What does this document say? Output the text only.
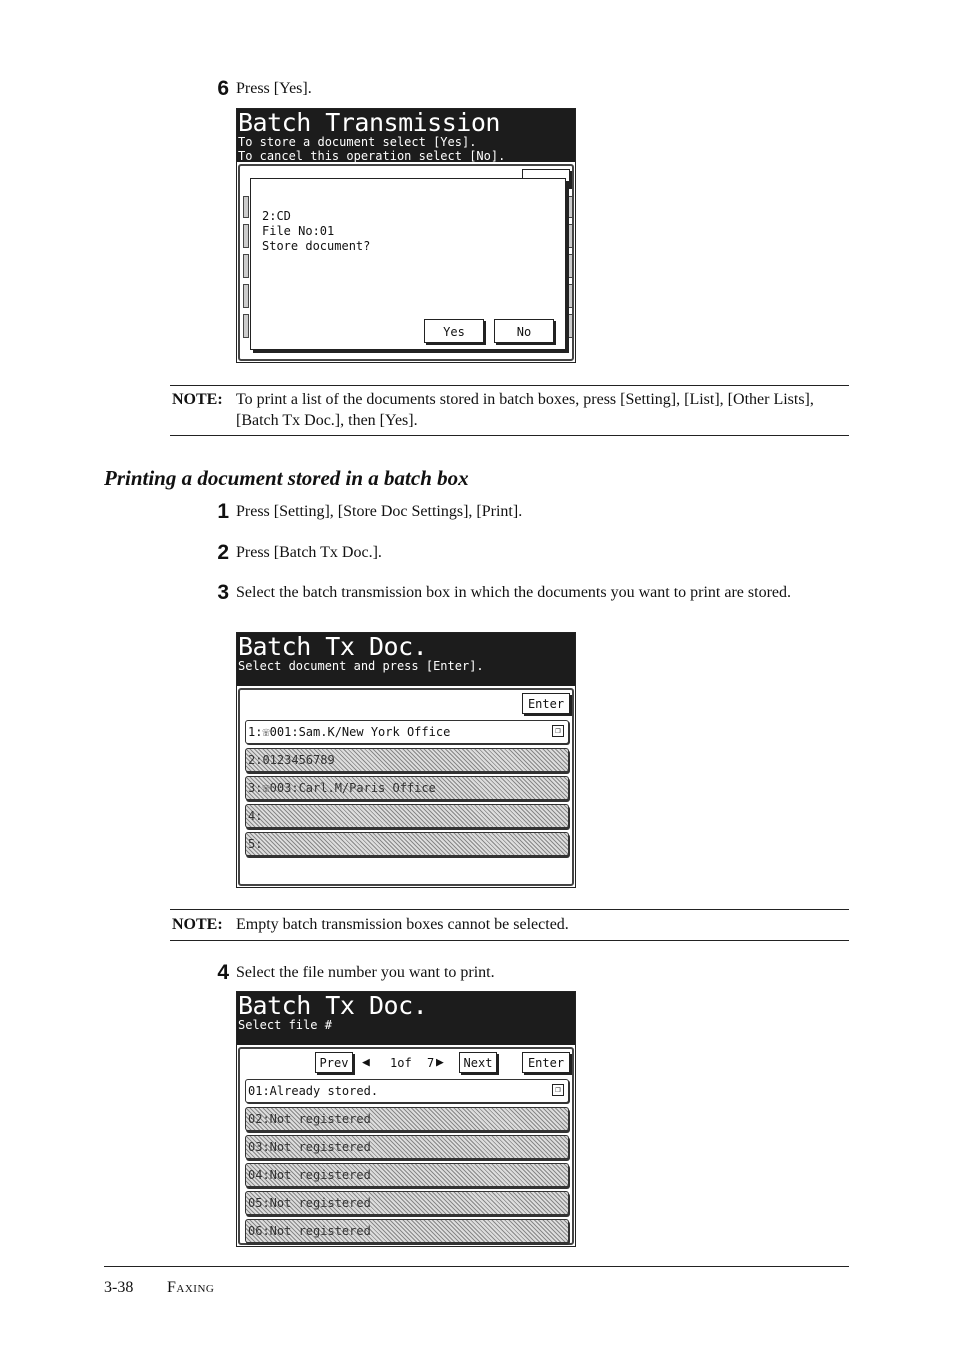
6 Press [Yes].
Batch Transmission
To store a document select [Yes].
To cancel this operation select [No].
2:CD
File No:01
Store document?
Yes	No
NOTE: To print a list of the documents stored in batch boxes, press [Setting], [List], [Other Lists], [Batch Tx Doc.], then [Yes].
Printing a document stored in a batch box
1 Press [Setting], [Store Doc Settings], [Print].
2 Press [Batch Tx Doc.].
3 Select the batch transmission box in which the documents you want to print are stored.
Batch Tx Doc.
Select document and press [Enter].
Enter
1:☏001:Sam.K/New York Office	❐
2:0123456789
3:☏003:Carl.M/Paris Office
4:
5:
NOTE: Empty batch transmission boxes cannot be selected.
4 Select the file number you want to print.
Batch Tx Doc.
Select file #
Prev	◀ 1of 7 ▶	Next	Enter
01:Already stored.	❐
02:Not registered
03:Not registered
04:Not registered
05:Not registered
06:Not registered
3-38 Faxing
